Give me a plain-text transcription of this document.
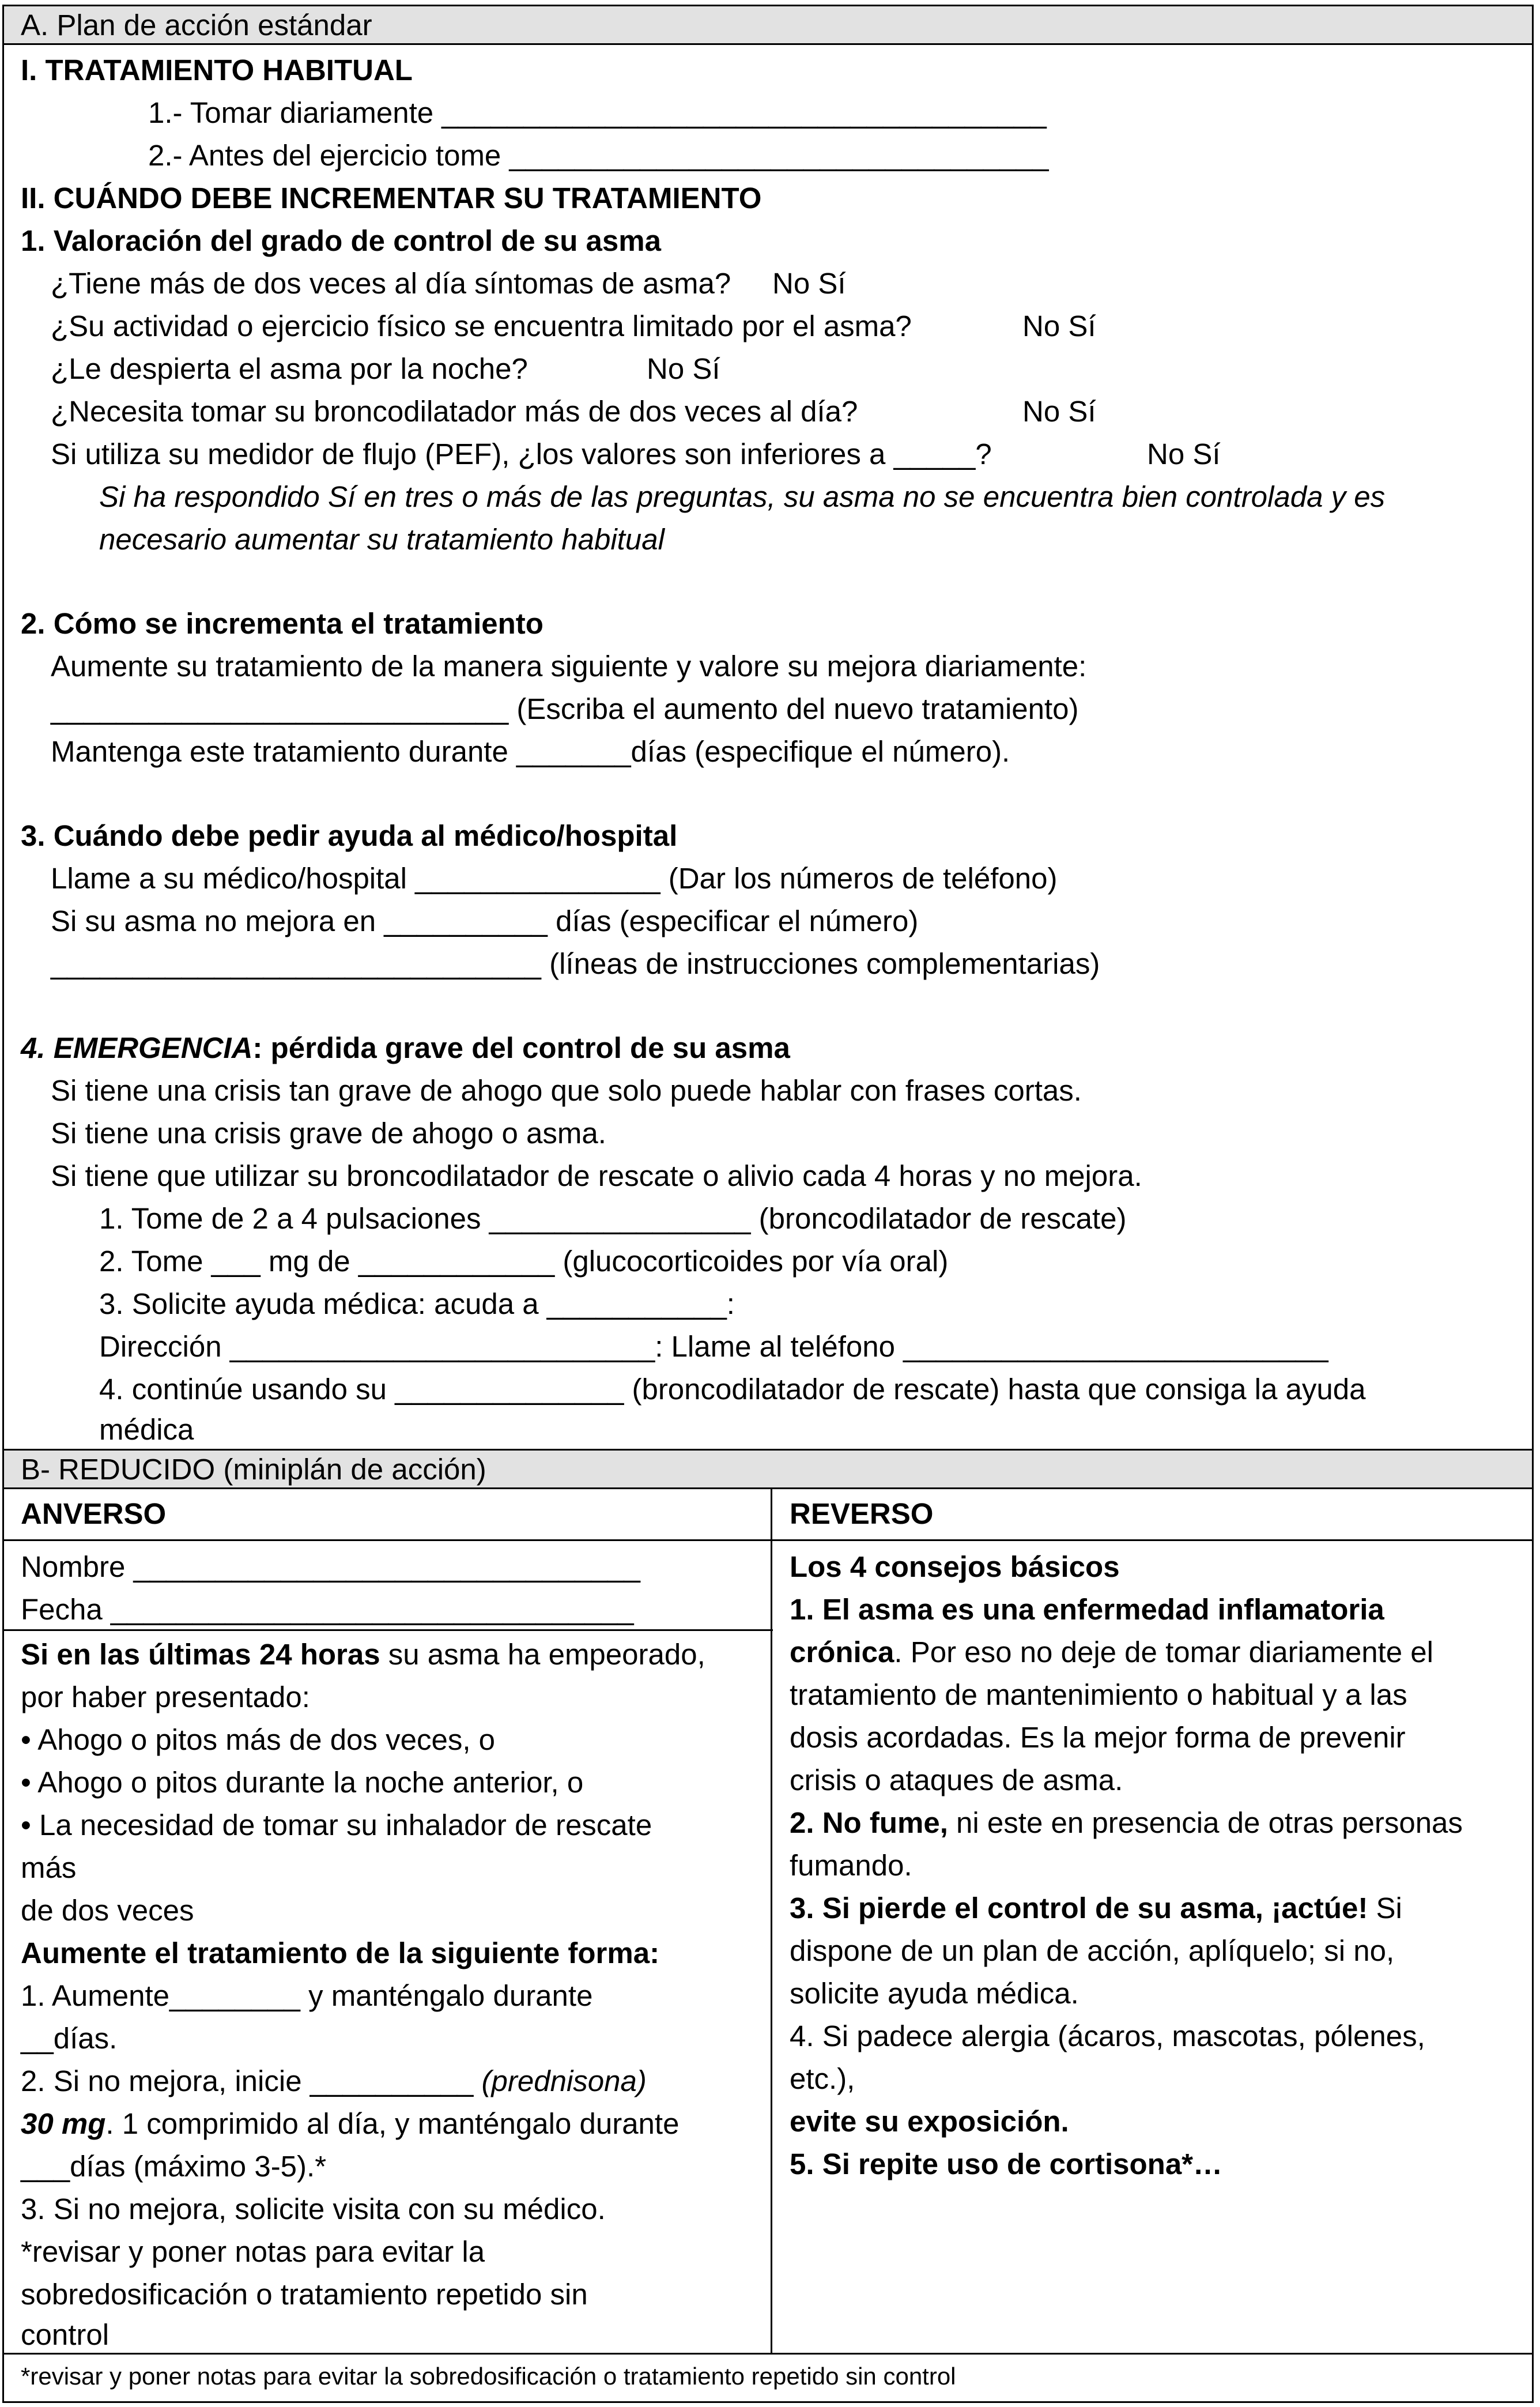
A. Plan de acción estándar
I. TRATAMIENTO HABITUAL
1.- Tomar diariamente _____________________________________
2.- Antes del ejercicio tome _________________________________
II. CUÁNDO DEBE INCREMENTAR SU TRATAMIENTO
1. Valoración del grado de control de su asma
¿Tiene más de dos veces al día síntomas de asma? No Sí
¿Su actividad o ejercicio físico se encuentra limitado por el asma?	No Sí
¿Le despierta el asma por la noche?	No Sí
¿Necesita tomar su broncodilatador más de dos veces al día?	No Sí
Si utiliza su medidor de flujo (PEF), ¿los valores son inferiores a _____?	No Sí
Si ha respondido Sí en tres o más de las preguntas, su asma no se encuentra bien controlada y es
necesario aumentar su tratamiento habitual
2. Cómo se incrementa el tratamiento
Aumente su tratamiento de la manera siguiente y valore su mejora diariamente:
____________________________ (Escriba el aumento del nuevo tratamiento)
Mantenga este tratamiento durante _______días (especifique el número).
3. Cuándo debe pedir ayuda al médico/hospital
Llame a su médico/hospital _______________ (Dar los números de teléfono)
Si su asma no mejora en __________ días (especificar el número)
______________________________ (líneas de instrucciones complementarias)
4. EMERGENCIA: pérdida grave del control de su asma
Si tiene una crisis tan grave de ahogo que solo puede hablar con frases cortas.
Si tiene una crisis grave de ahogo o asma.
Si tiene que utilizar su broncodilatador de rescate o alivio cada 4 horas y no mejora.
1. Tome de 2 a 4 pulsaciones ________________ (broncodilatador de rescate)
2. Tome ___ mg de ____________ (glucocorticoides por vía oral)
3. Solicite ayuda médica: acuda a ___________:
Dirección __________________________: Llame al teléfono __________________________
4. continúe usando su ______________ (broncodilatador de rescate) hasta que consiga la ayuda
médica
B- REDUCIDO (miniplán de acción)
ANVERSO
Nombre _______________________________
Fecha ________________________________
Si en las últimas 24 horas su asma ha empeorado,
por haber presentado:
• Ahogo o pitos más de dos veces, o
• Ahogo o pitos durante la noche anterior, o
• La necesidad de tomar su inhalador de rescate
más
de dos veces
Aumente el tratamiento de la siguiente forma:
1. Aumente________ y manténgalo durante
__días.
2. Si no mejora, inicie __________ (prednisona)
30 mg. 1 comprimido al día, y manténgalo durante
___días (máximo 3-5).*
3. Si no mejora, solicite visita con su médico.
*revisar y poner notas para evitar la
sobredosificación o tratamiento repetido sin
control
REVERSO
Los 4 consejos básicos
1. El asma es una enfermedad inflamatoria
crónica. Por eso no deje de tomar diariamente el
tratamiento de mantenimiento o habitual y a las
dosis acordadas. Es la mejor forma de prevenir
crisis o ataques de asma.
2. No fume, ni este en presencia de otras personas
fumando.
3. Si pierde el control de su asma, ¡actúe! Si
dispone de un plan de acción, aplíquelo; si no,
solicite ayuda médica.
4. Si padece alergia (ácaros, mascotas, pólenes,
etc.),
evite su exposición.
5. Si repite uso de cortisona*…
*revisar y poner notas para evitar la sobredosificación o tratamiento repetido sin control
